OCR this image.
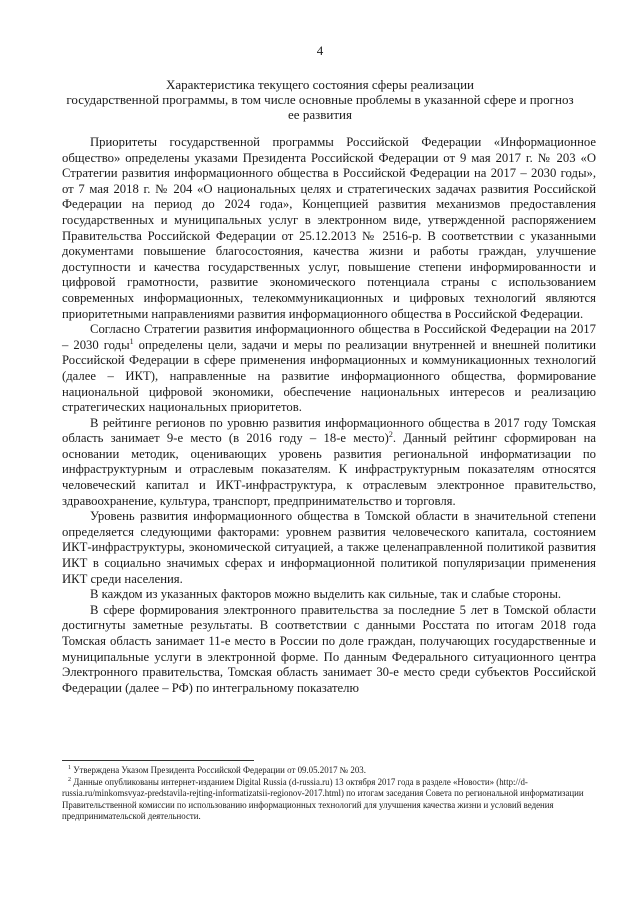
4
Характеристика текущего состояния сферы реализации
государственной программы, в том числе основные проблемы в указанной сфере и прогноз
ее развития

Приоритеты государственной программы Российской Федерации «Информационное общество» определены указами Президента Российской Федерации от 9 мая 2017 г. № 203 «О Стратегии развития информационного общества в Российской Федерации на 2017 – 2030 годы», от 7 мая 2018 г. № 204 «О национальных целях и стратегических задачах развития Российской Федерации на период до 2024 года», Концепцией развития механизмов предоставления государственных и муниципальных услуг в электронном виде, утвержденной распоряжением Правительства Российской Федерации от 25.12.2013 № 2516-р. В соответствии с указанными документами повышение благосостояния, качества жизни и работы граждан, улучшение доступности и качества государственных услуг, повышение степени информированности и цифровой грамотности, развитие экономического потенциала страны с использованием современных информационных, телекоммуникационных и цифровых технологий являются приоритетными направлениями развития информационного общества в Российской Федерации.

Согласно Стратегии развития информационного общества в Российской Федерации на 2017 – 2030 годы$^1$ определены цели, задачи и меры по реализации внутренней и внешней политики Российской Федерации в сфере применения информационных и коммуникационных технологий (далее – ИКТ), направленные на развитие информационного общества, формирование национальной цифровой экономики, обеспечение национальных интересов и реализацию стратегических национальных приоритетов.

В рейтинге регионов по уровню развития информационного общества в 2017 году Томская область занимает 9-е место (в 2016 году – 18-е место)$^2$. Данный рейтинг сформирован на основании методик, оценивающих уровень развития региональной информатизации по инфраструктурным и отраслевым показателям. К инфраструктурным показателям относятся человеческий капитал и ИКТ-инфраструктура, к отраслевым электронное правительство, здравоохранение, культура, транспорт, предпринимательство и торговля.

Уровень развития информационного общества в Томской области в значительной степени определяется следующими факторами: уровнем развития человеческого капитала, состоянием ИКТ-инфраструктуры, экономической ситуацией, а также целенаправленной политикой развития ИКТ в социально значимых сферах и информационной политикой популяризации применения ИКТ среди населения.

В каждом из указанных факторов можно выделить как сильные, так и слабые стороны.

В сфере формирования электронного правительства за последние 5 лет в Томской области достигнуты заметные результаты. В соответствии с данными Росстата по итогам 2018 года Томская область занимает 11-е место в России по доле граждан, получающих государственные и муниципальные услуги в электронной форме. По данным Федерального ситуационного центра Электронного правительства, Томская область занимает 30-е место среди субъектов Российской Федерации (далее – РФ) по интегральному показателю

$^1$ Утверждена Указом Президента Российской Федерации от 09.05.2017 № 203.

$^2$ Данные опубликованы интернет-изданием Digital Russia (d-russia.ru) 13 октября 2017 года в разделе «Новости» (http://d-russia.ru/minkomsvyaz-predstavila-rejting-informatizatsii-regionov-2017.html) по итогам заседания Совета по региональной информатизации Правительственной комиссии по использованию информационных технологий для улучшения качества жизни и условий ведения предпринимательской деятельности.
